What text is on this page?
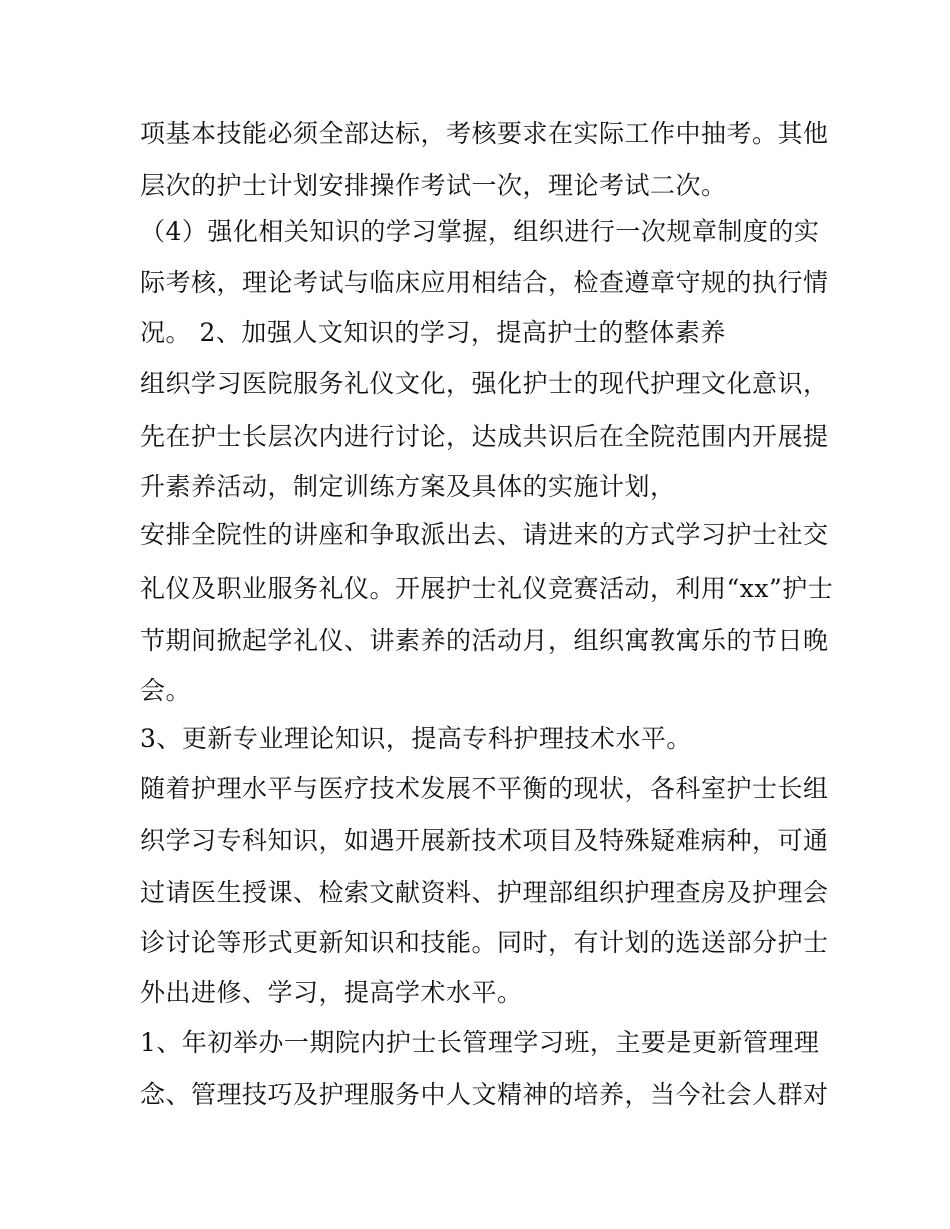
项基本技能必须全部达标，考核要求在实际工作中抽考。其他
层次的护士计划安排操作考试一次，理论考试二次。
（4）强化相关知识的学习掌握，组织进行一次规章制度的实
际考核，理论考试与临床应用相结合，检查遵章守规的执行情
况。 2、加强人文知识的学习，提高护士的整体素养
组织学习医院服务礼仪文化，强化护士的现代护理文化意识，
先在护士长层次内进行讨论，达成共识后在全院范围内开展提
升素养活动，制定训练方案及具体的实施计划，
安排全院性的讲座和争取派出去、请进来的方式学习护士社交
礼仪及职业服务礼仪。开展护士礼仪竞赛活动，利用“xx”护士
节期间掀起学礼仪、讲素养的活动月，组织寓教寓乐的节日晚
会。
3、更新专业理论知识，提高专科护理技术水平。
随着护理水平与医疗技术发展不平衡的现状，各科室护士长组
织学习专科知识，如遇开展新技术项目及特殊疑难病种，可通
过请医生授课、检索文献资料、护理部组织护理查房及护理会
诊讨论等形式更新知识和技能。同时，有计划的选送部分护士
外出进修、学习，提高学术水平。
1、年初举办一期院内护士长管理学习班，主要是更新管理理
念、管理技巧及护理服务中人文精神的培养，当今社会人群对
